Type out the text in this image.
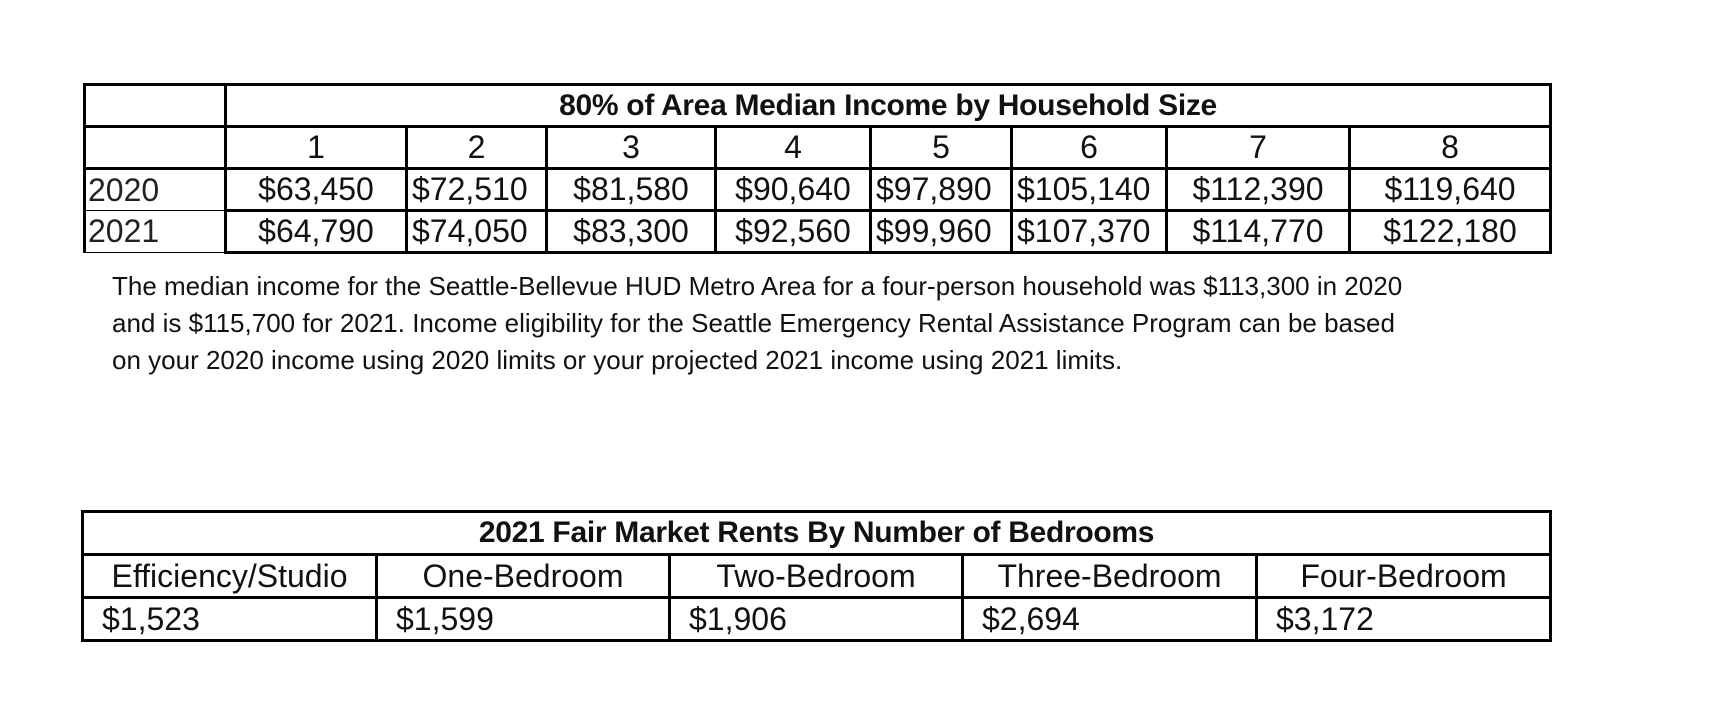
	80% of Area Median Income by Household Size							
	1	2	3	4	5	6	7	8
2020	$63,450	$72,510	$81,580	$90,640	$97,890	$105,140	$112,390	$119,640
2021	$64,790	$74,050	$83,300	$92,560	$99,960	$107,370	$114,770	$122,180

The median income for the Seattle-Bellevue HUD Metro Area for a four-person household was $113,300 in 2020

and is $115,700 for 2021. Income eligibility for the Seattle Emergency Rental Assistance Program can be based

on your 2020 income using 2020 limits or your projected 2021 income using 2021 limits.

2021 Fair Market Rents By Number of Bedrooms				
Efficiency/Studio	One-Bedroom	Two-Bedroom	Three-Bedroom	Four-Bedroom
$1,523	$1,599	$1,906	$2,694	$3,172
